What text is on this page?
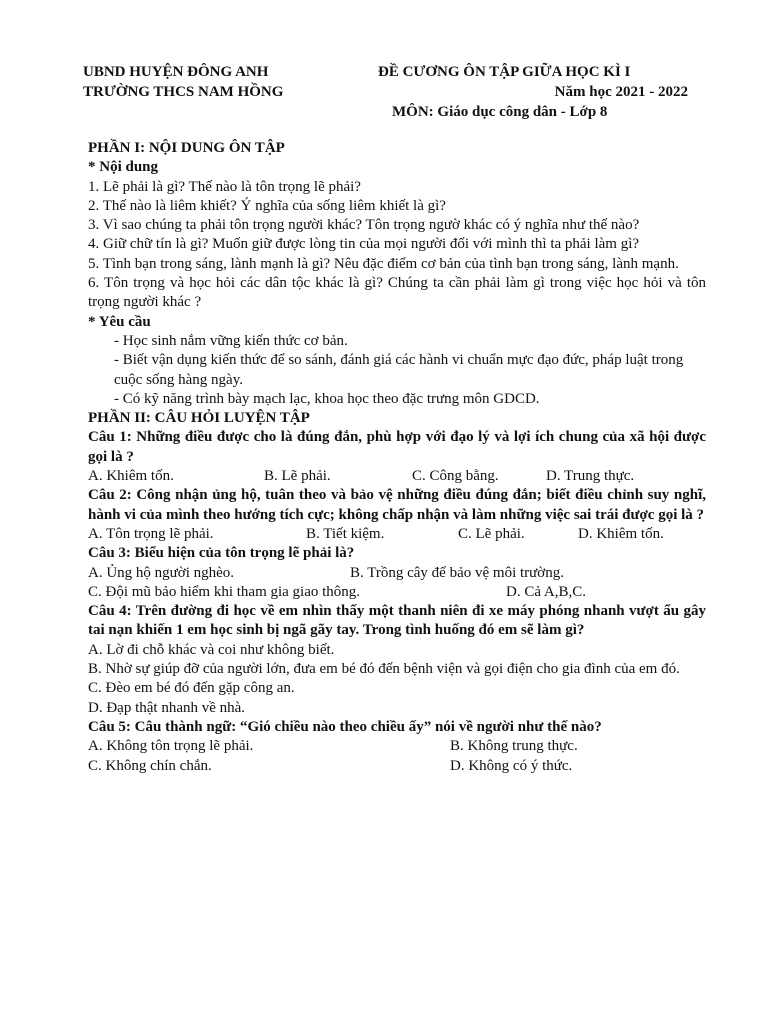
UBND HUYỆN ĐÔNG ANH
TRƯỜNG THCS NAM HỒNG
ĐỀ CƯƠNG ÔN TẬP GIỮA HỌC KÌ I
Năm học 2021 - 2022
MÔN: Giáo dục công dân - Lớp 8
PHẦN I: NỘI DUNG ÔN TẬP
* Nội dung
1. Lẽ phải là gì? Thế nào là tôn trọng lẽ phải?
2. Thế nào là liêm khiết? Ý nghĩa của sống liêm khiết là gì?
3. Vì sao chúng ta phải tôn trọng người khác? Tôn trọng ngườ khác có ý nghĩa như thế nào?
4. Giữ chữ tín là gì? Muốn giữ được lòng tin của mọi người đối với mình thì ta phải làm gì?
5. Tình bạn trong sáng, lành mạnh là gì? Nêu đặc điểm cơ bản của tình bạn trong sáng, lành mạnh.
6. Tôn trọng và học hỏi các dân tộc khác là gì? Chúng ta cần phải làm gì trong việc học hỏi và tôn trọng người khác ?
* Yêu cầu
- Học sinh nắm vững kiến thức cơ bản.
- Biết vận dụng kiến thức để so sánh, đánh giá các hành vi chuẩn mực đạo đức, pháp luật trong cuộc sống hàng ngày.
- Có kỹ năng trình bày mạch lạc, khoa học theo đặc trưng môn GDCD.
PHẦN II: CÂU HỎI LUYỆN TẬP
Câu 1: Những điều được cho là đúng đắn, phù hợp với đạo lý và lợi ích chung của xã hội được gọi là ?
A. Khiêm tốn.	B. Lẽ phải.	C. Công bằng.	D. Trung thực.
Câu 2: Công nhận ủng hộ, tuân theo và bảo vệ những điều đúng đắn; biết điều chỉnh suy nghĩ, hành vi của mình theo hướng tích cực; không chấp nhận và làm những việc sai trái được gọi là ?
A. Tôn trọng lẽ phải.	B. Tiết kiệm.	C. Lẽ phải.	D. Khiêm tốn.
Câu 3: Biểu hiện của tôn trọng lẽ phải là?
A. Ủng hộ người nghèo.	B. Trồng cây để bảo vệ môi trường.
C. Đội mũ bảo hiểm khi tham gia giao thông.	D. Cả A,B,C.
Câu 4: Trên đường đi học về em nhìn thấy một thanh niên đi xe máy phóng nhanh vượt ẩu gây tai nạn khiến 1 em học sinh bị ngã gãy tay. Trong tình huống đó em sẽ làm gì?
A. Lờ đi chỗ khác và coi như không biết.
B. Nhờ sự giúp đỡ của người lớn, đưa em bé đó đến bệnh viện và gọi điện cho gia đình của em đó.
C. Đèo em bé đó đến gặp công an.
D. Đạp thật nhanh về nhà.
Câu 5: Câu thành ngữ: “Gió chiều nào theo chiều ấy” nói về người như thế nào?
A. Không tôn trọng lẽ phải.	B. Không trung thực.
C. Không chín chắn.	D. Không có ý thức.
